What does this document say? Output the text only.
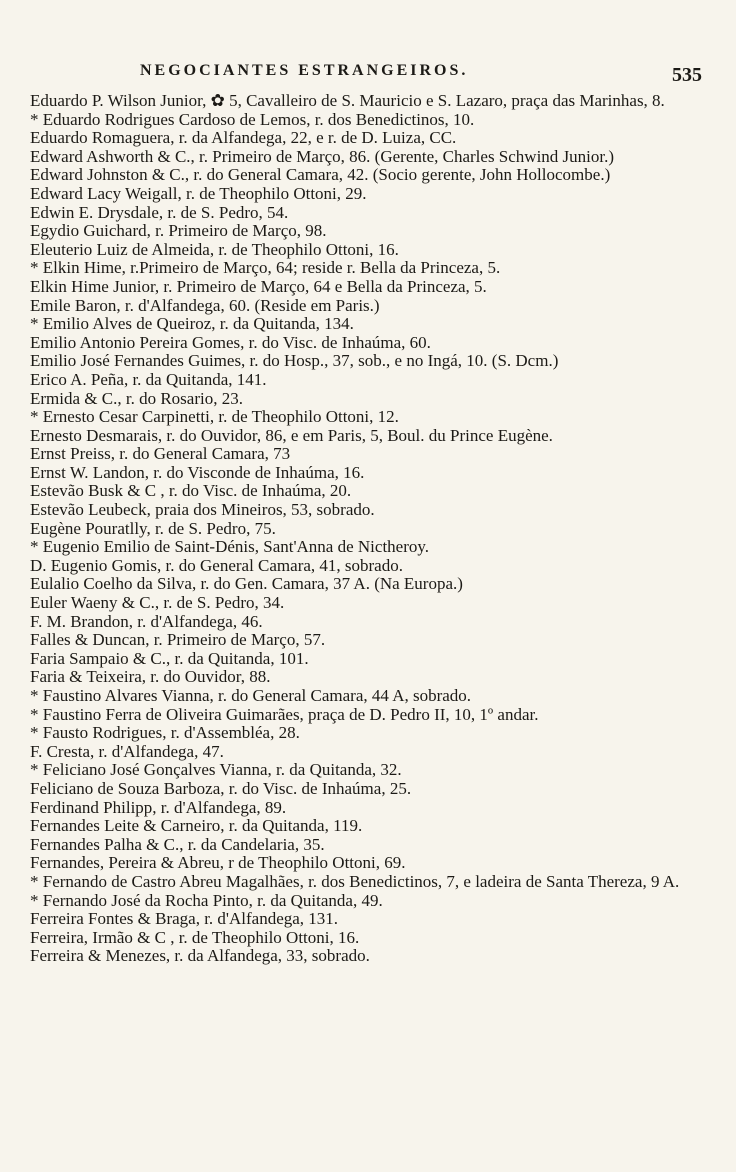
NEGOCIANTES ESTRANGEIROS.	535

Eduardo P. Wilson Junior, ✿ 5, Cavalleiro de S. Mauricio e S. Lazaro, praça das Marinhas, 8.

* Eduardo Rodrigues Cardoso de Lemos, r. dos Benedictinos, 10.

Eduardo Romaguera, r. da Alfandega, 22, e r. de D. Luiza, CC.

Edward Ashworth & C., r. Primeiro de Março, 86. (Gerente, Charles Schwind Junior.)

Edward Johnston & C., r. do General Camara, 42. (Socio gerente, John Hollocombe.)

Edward Lacy Weigall, r. de Theophilo Ottoni, 29.

Edwin E. Drysdale, r. de S. Pedro, 54.

Egydio Guichard, r. Primeiro de Março, 98.

Eleuterio Luiz de Almeida, r. de Theophilo Ottoni, 16.

* Elkin Hime, r.Primeiro de Março, 64; reside r. Bella da Princeza, 5.

Elkin Hime Junior, r. Primeiro de Março, 64 e Bella da Princeza, 5.

Emile Baron, r. d'Alfandega, 60. (Reside em Paris.)

* Emilio Alves de Queiroz, r. da Quitanda, 134.

Emilio Antonio Pereira Gomes, r. do Visc. de Inhaúma, 60.

Emilio José Fernandes Guimes, r. do Hosp., 37, sob., e no Ingá, 10. (S. Dcm.)

Erico A. Peña, r. da Quitanda, 141.

Ermida & C., r. do Rosario, 23.

* Ernesto Cesar Carpinetti, r. de Theophilo Ottoni, 12.

Ernesto Desmarais, r. do Ouvidor, 86, e em Paris, 5, Boul. du Prince Eugène.

Ernst Preiss, r. do General Camara, 73

Ernst W. Landon, r. do Visconde de Inhaúma, 16.

Estevão Busk & C , r. do Visc. de Inhaúma, 20.

Estevão Leubeck, praia dos Mineiros, 53, sobrado.

Eugène Pouratlly, r. de S. Pedro, 75.

* Eugenio Emilio de Saint-Dénis, Sant'Anna de Nictheroy.

D. Eugenio Gomis, r. do General Camara, 41, sobrado.

Eulalio Coelho da Silva, r. do Gen. Camara, 37 A. (Na Europa.)

Euler Waeny & C., r. de S. Pedro, 34.

F. M. Brandon, r. d'Alfandega, 46.

Falles & Duncan, r. Primeiro de Março, 57.

Faria Sampaio & C., r. da Quitanda, 101.

Faria & Teixeira, r. do Ouvidor, 88.

* Faustino Alvares Vianna, r. do General Camara, 44 A, sobrado.

* Faustino Ferra de Oliveira Guimarães, praça de D. Pedro II, 10, 1º andar.

* Fausto Rodrigues, r. d'Assembléa, 28.

F. Cresta, r. d'Alfandega, 47.

* Feliciano José Gonçalves Vianna, r. da Quitanda, 32.

Feliciano de Souza Barboza, r. do Visc. de Inhaúma, 25.

Ferdinand Philipp, r. d'Alfandega, 89.

Fernandes Leite & Carneiro, r. da Quitanda, 119.

Fernandes Palha & C., r. da Candelaria, 35.

Fernandes, Pereira & Abreu, r de Theophilo Ottoni, 69.

* Fernando de Castro Abreu Magalhães, r. dos Benedictinos, 7, e ladeira de Santa Thereza, 9 A.

* Fernando José da Rocha Pinto, r. da Quitanda, 49.

Ferreira Fontes & Braga, r. d'Alfandega, 131.

Ferreira, Irmão & C , r. de Theophilo Ottoni, 16.

Ferreira & Menezes, r. da Alfandega, 33, sobrado.
